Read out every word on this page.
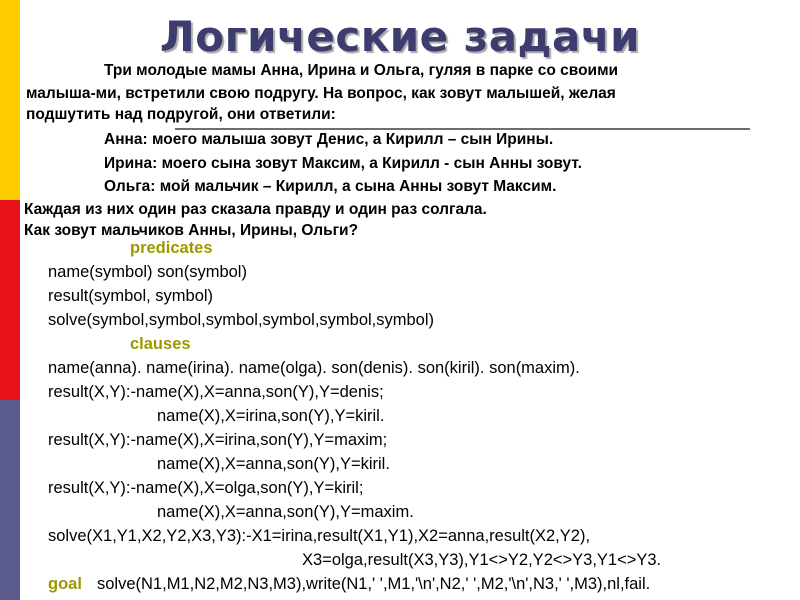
Логические задачи
Три молодые мамы Анна, Ирина и Ольга, гуляя в парке со своими
малыша-ми, встретили свою подругу. На вопрос, как зовут малышей, желая
подшутить над подругой, они ответили:
Анна: моего малыша зовут Денис, а Кирилл – сын Ирины.
Ирина: моего сына зовут Максим, а Кирилл - сын Анны зовут.
Ольга: мой мальчик – Кирилл, а сына Анны зовут Максим.
Каждая из них один раз сказала правду и один раз солгала.
Как зовут мальчиков Анны, Ирины, Ольги?
predicates
name(symbol) son(symbol)
result(symbol, symbol)
solve(symbol,symbol,symbol,symbol,symbol,symbol)
clauses
name(anna). name(irina). name(olga). son(denis). son(kiril). son(maxim).
result(X,Y):-name(X),X=anna,son(Y),Y=denis;
name(X),X=irina,son(Y),Y=kiril.
result(X,Y):-name(X),X=irina,son(Y),Y=maxim;
name(X),X=anna,son(Y),Y=kiril.
result(X,Y):-name(X),X=olga,son(Y),Y=kiril;
name(X),X=anna,son(Y),Y=maxim.
solve(X1,Y1,X2,Y2,X3,Y3):-X1=irina,result(X1,Y1),X2=anna,result(X2,Y2),
X3=olga,result(X3,Y3),Y1<>Y2,Y2<>Y3,Y1<>Y3.
goal solve(N1,M1,N2,M2,N3,M3),write(N1,' ',M1,'\n',N2,' ',M2,'\n',N3,' ',M3),nl,fail.
